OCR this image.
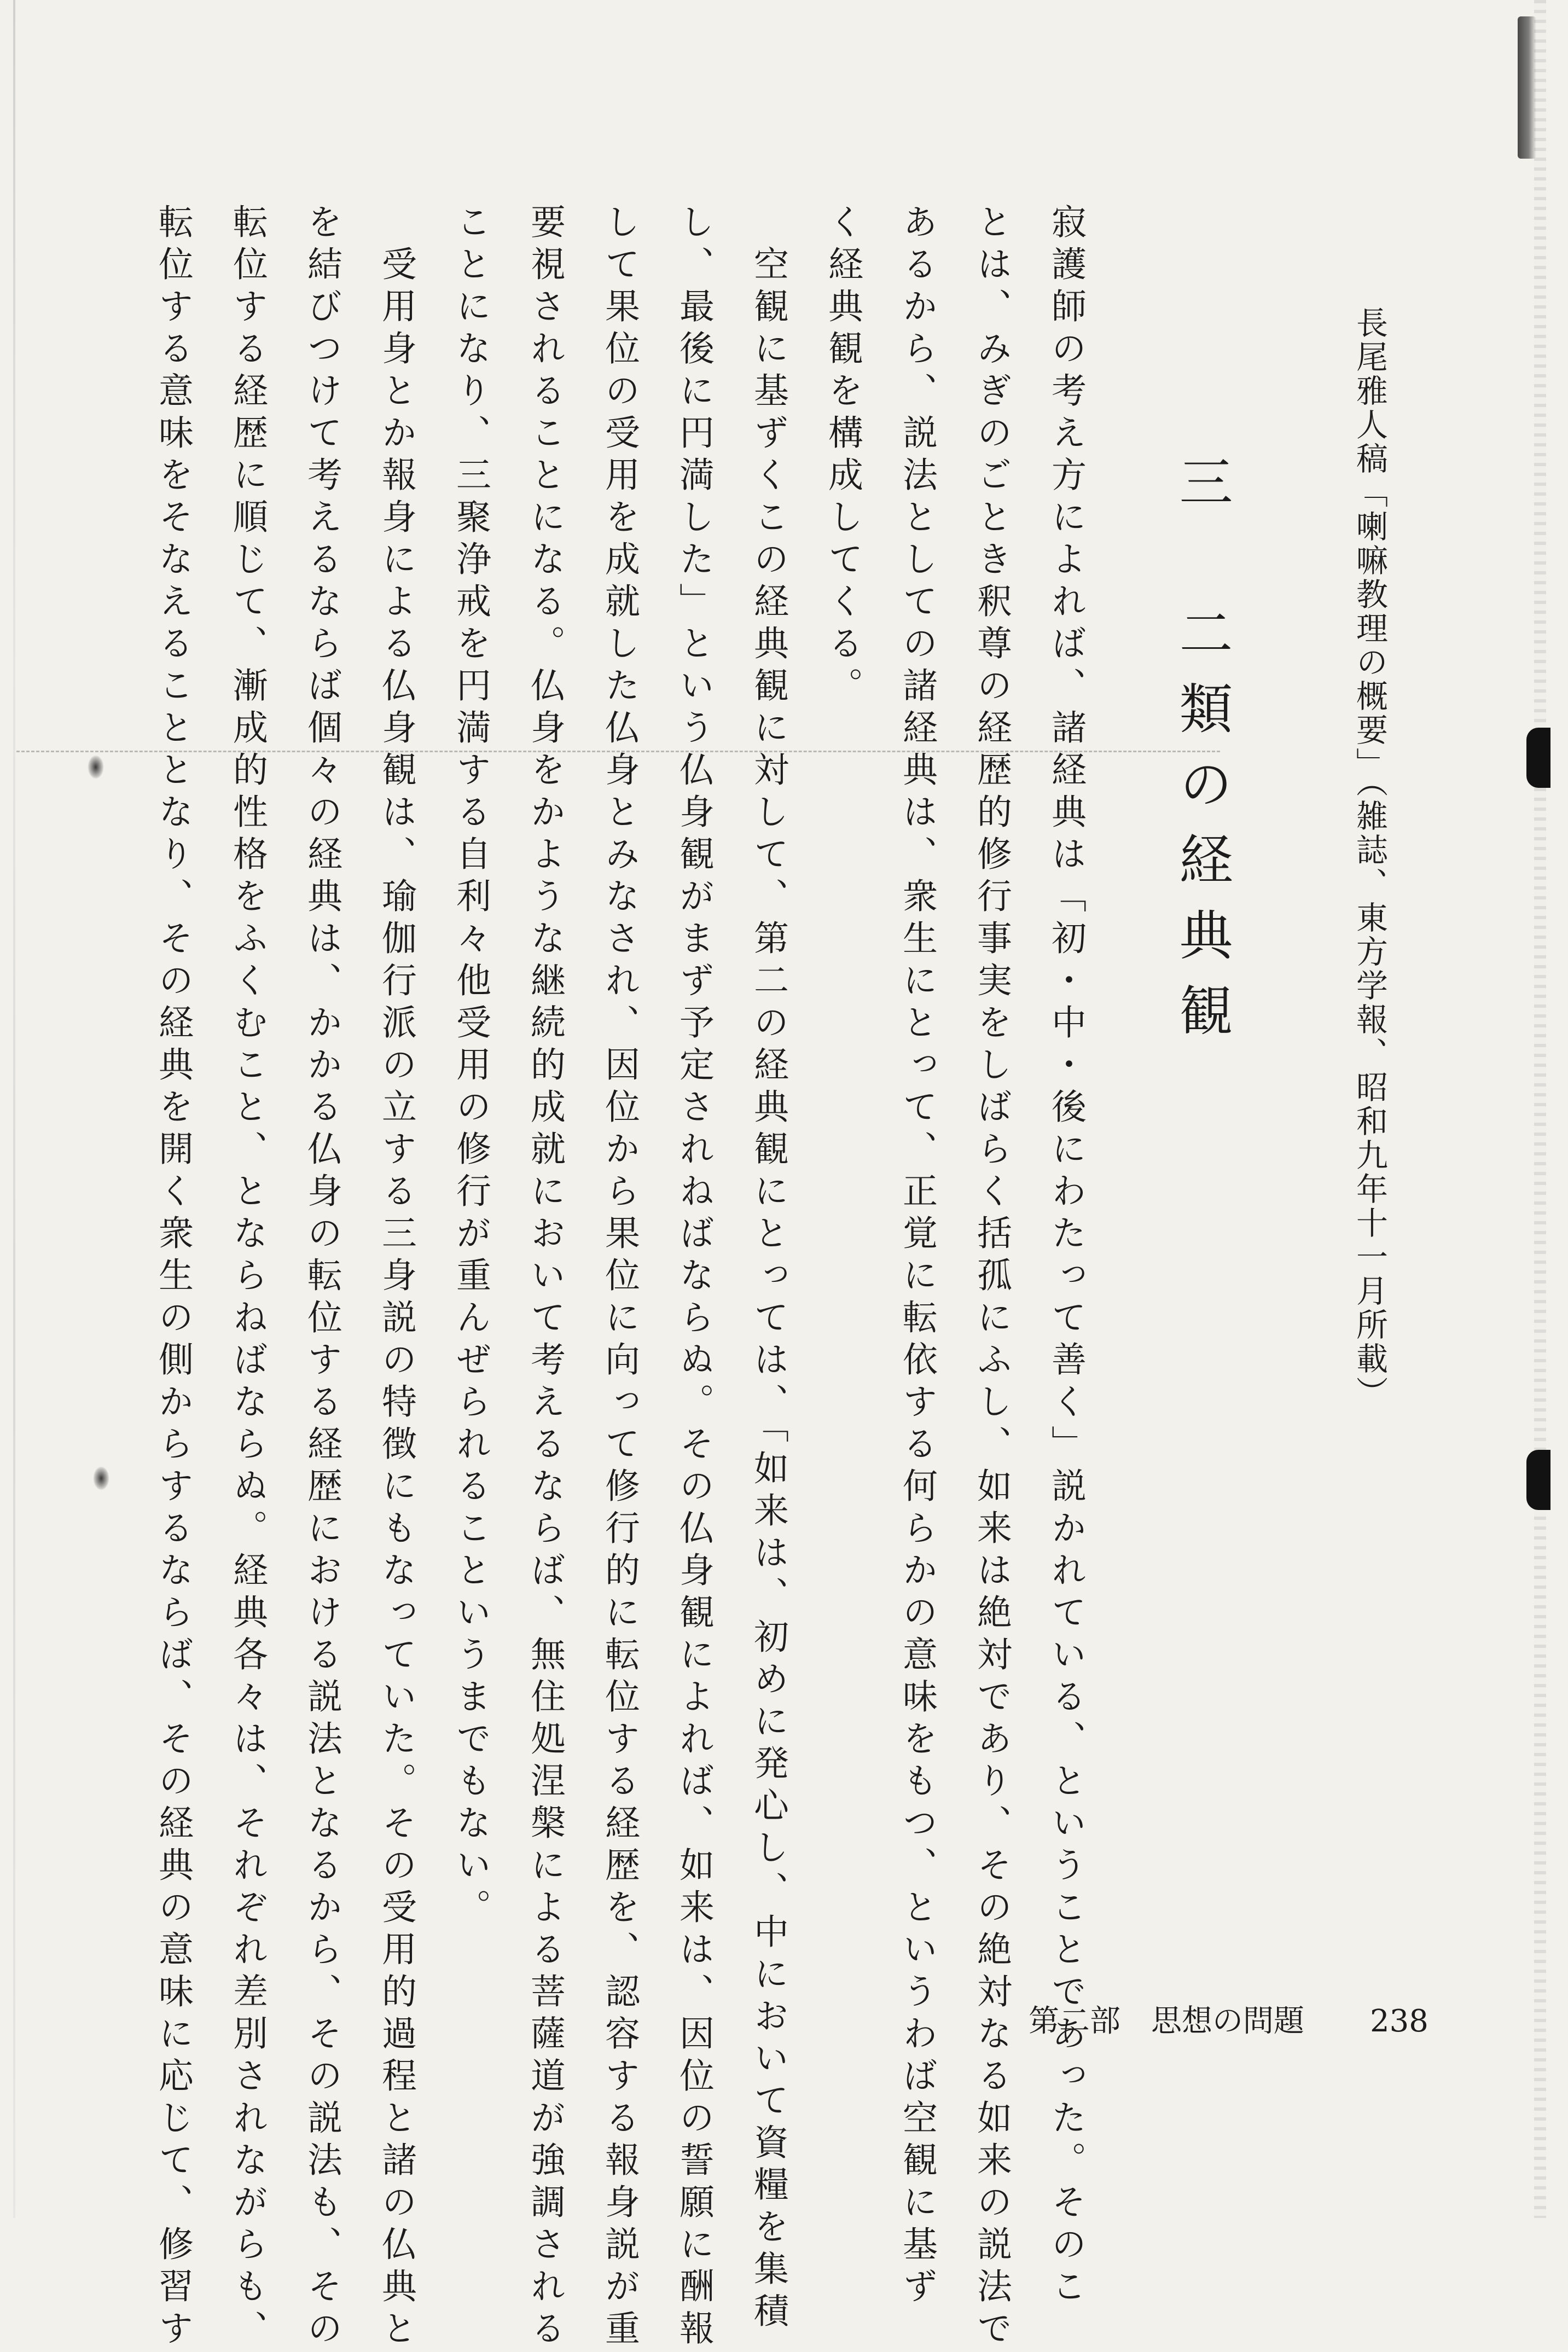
長尾雅人稿「喇嘛教理の概要」（雑誌、東方学報、昭和九年十一月所載）
三　二類の経典観
寂護師の考え方によれば、諸経典は「初・中・後にわたって善く」説かれている、ということであった。そのこ
とは、みぎのごとき釈尊の経歴的修行事実をしばらく括孤にふし、如来は絶対であり、その絶対なる如来の説法で
あるから、説法としての諸経典は、衆生にとって、正覚に転依する何らかの意味をもつ、というわば空観に基ず
く経典観を構成してくる。
　空観に基ずくこの経典観に対して、第二の経典観にとっては、「如来は、初めに発心し、中において資糧を集積
し、最後に円満した」という仏身観がまず予定されねばならぬ。その仏身観によれば、如来は、因位の誓願に酬報
して果位の受用を成就した仏身とみなされ、因位から果位に向って修行的に転位する経歴を、認容する報身説が重
要視されることになる。仏身をかような継続的成就において考えるならば、無住処涅槃による菩薩道が強調される
ことになり、三聚浄戒を円満する自利々他受用の修行が重んぜられるこというまでもない。
　受用身とか報身による仏身観は、瑜伽行派の立する三身説の特徴にもなっていた。その受用的過程と諸の仏典と
を結びつけて考えるならば個々の経典は、かかる仏身の転位する経歴における説法となるから、その説法も、その
転位する経歴に順じて、漸成的性格をふくむこと、とならねばならぬ。経典各々は、それぞれ差別されながらも、
転位する意味をそなえることとなり、その経典を開く衆生の側からするならば、その経典の意味に応じて、修習す	第二部　思想の問題 238
